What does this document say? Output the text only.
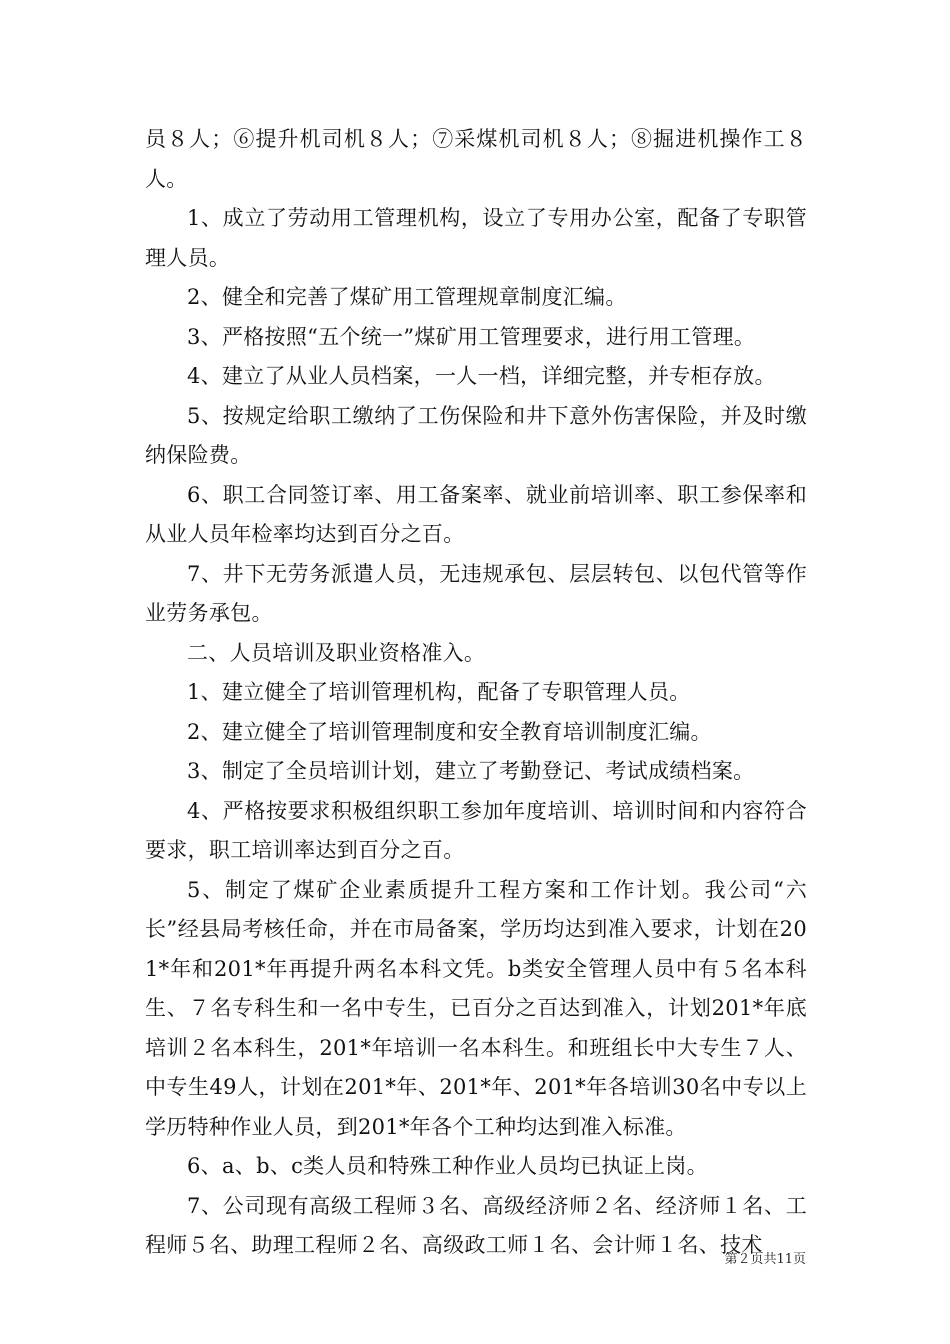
员８人；⑥提升机司机８人；⑦采煤机司机８人；⑧掘进机操作工８人。

1、成立了劳动用工管理机构，设立了专用办公室，配备了专职管理人员。

2、健全和完善了煤矿用工管理规章制度汇编。

3、严格按照“五个统一”煤矿用工管理要求，进行用工管理。

4、建立了从业人员档案，一人一档，详细完整，并专柜存放。

5、按规定给职工缴纳了工伤保险和井下意外伤害保险，并及时缴纳保险费。

6、职工合同签订率、用工备案率、就业前培训率、职工参保率和从业人员年检率均达到百分之百。

7、井下无劳务派遣人员，无违规承包、层层转包、以包代管等作业劳务承包。

二、人员培训及职业资格准入。

1、建立健全了培训管理机构，配备了专职管理人员。

2、建立健全了培训管理制度和安全教育培训制度汇编。

3、制定了全员培训计划，建立了考勤登记、考试成绩档案。

4、严格按要求积极组织职工参加年度培训、培训时间和内容符合要求，职工培训率达到百分之百。

5、制定了煤矿企业素质提升工程方案和工作计划。我公司“六长”经县局考核任命，并在市局备案，学历均达到准入要求，计划在201*年和201*年再提升两名本科文凭。b类安全管理人员中有５名本科生、７名专科生和一名中专生，已百分之百达到准入，计划201*年底培训２名本科生，201*年培训一名本科生。和班组长中大专生７人、中专生49人，计划在201*年、201*年、201*年各培训30名中专以上学历特种作业人员，到201*年各个工种均达到准入标准。

6、a、b、c类人员和特殊工种作业人员均已执证上岗。

7、公司现有高级工程师３名、高级经济师２名、经济师１名、工程师５名、助理工程师２名、高级政工师１名、会计师１名、技术

第２页共11页
